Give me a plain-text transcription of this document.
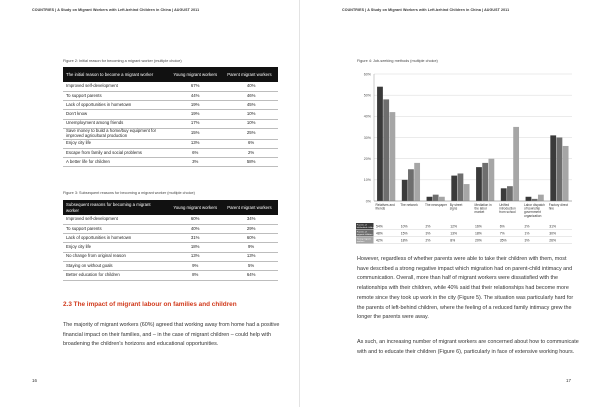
COUNTRIES | A Study on Migrant Workers with Left-behind Children in China | AUGUST 2011
Figure 2: Initial reason for becoming a migrant worker (multiple choice)
The initial reason to become a migrant worker	Young migrant workers	Parent migrant workers
Improved self-development	67%	40%
To support parents	44%	46%
Lack of opportunities in hometown	19%	45%
Don't know	19%	10%
Unemployment among friends	17%	10%
Save money to build a home/buy equipment for improved agricultural production	15%	25%
Enjoy city life	13%	6%
Escape from family and social problems	6%	2%
A better life for children	3%	58%
Figure 3: Subsequent reasons for becoming a migrant worker (multiple choice)
Subsequent reasons for becoming a migrant worker	Young migrant workers	Parent migrant workers
Improved self-development	60%	34%
To support parents	40%	29%
Lack of opportunities in hometown	31%	60%
Enjoy city life	18%	9%
No change from original reason	13%	13%
Staying on without goals	9%	5%
Better education for children	8%	64%
2.3 The impact of migrant labour on families and children
The majority of migrant workers (60%) agreed that working away from home had a positive financial impact on their families, and – in the case of migrant children – could help with broadening the children's horizons and educational opportunities.
16
COUNTRIES | A Study on Migrant Workers with Left-behind Children in China | AUGUST 2011
Figure 4: Job-seeking methods (multiple choice)
0%
10%
20%
30%
40%
50%
60%
Relatives and friends
The network The newspaper By street signs
Mediation in the labor market
Unified introduction from school
Labor dispatch of township government organization
Factory direct hire
Parents of left-behind children 54%	10%	2%	12%	16%	6%	2%	31%
Parents of migrant children 48%	15%	3%	13%	18%	7%	1%	30%
Young migrant workers	42%	18%	2%	8%	20%	35%	3%	26%
However, regardless of whether parents were able to take their children with them, most have described a strong negative impact which migration had on parent-child intimacy and communication. Overall, more than half of migrant workers were dissatisfied with the relationships with their children, while 40% said that their relationships had become more remote since they took up work in the city (Figure 5). The situation was particularly hard for the parents of left-behind children, where the feeling of a reduced family intimacy grew the longer the parents were away.
As such, an increasing number of migrant workers are concerned about how to communicate with and to educate their children (Figure 6), particularly in face of extensive working hours.
17
